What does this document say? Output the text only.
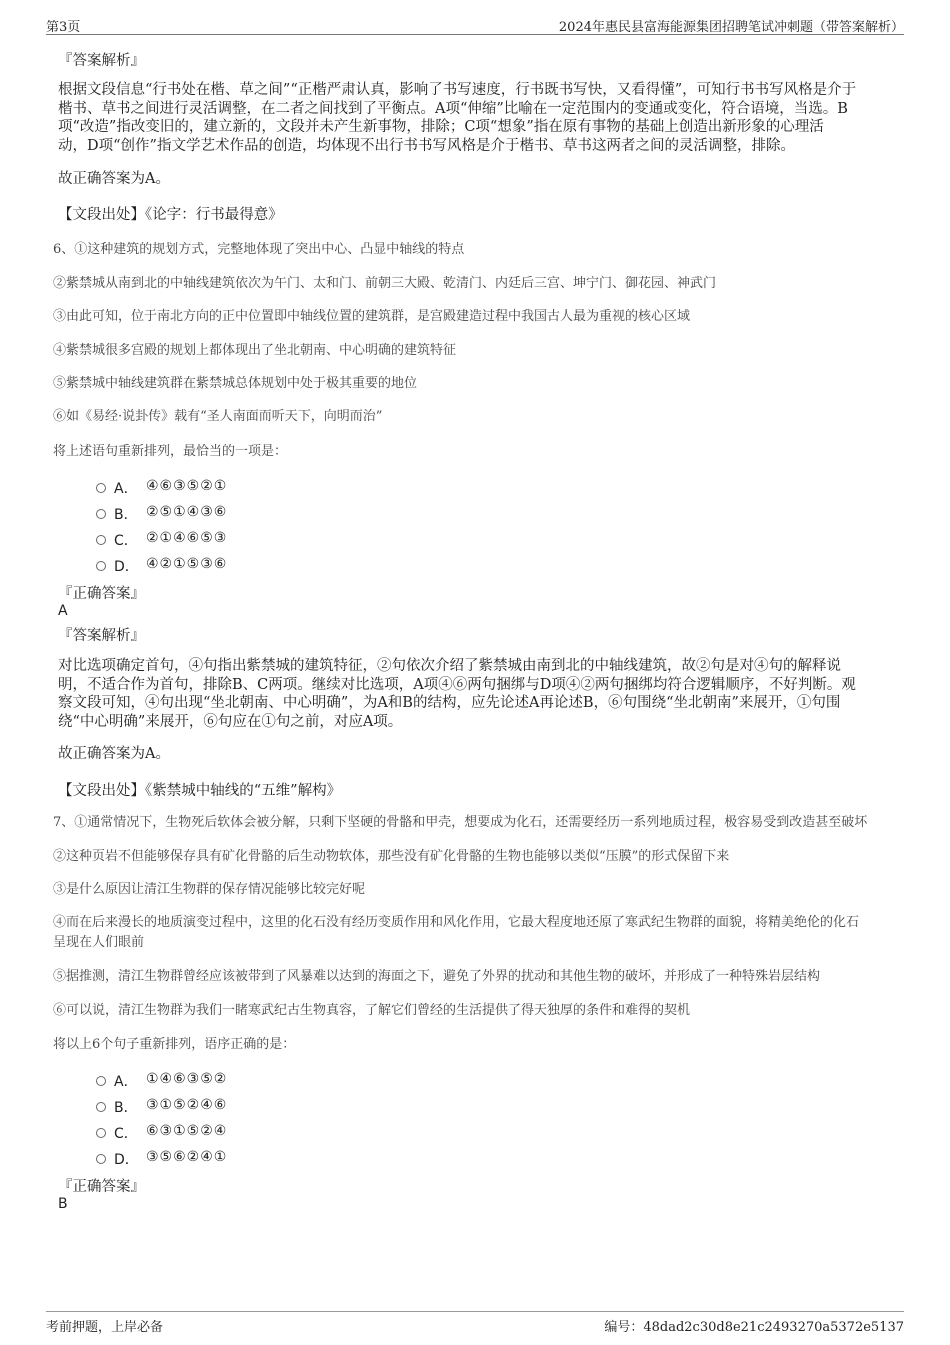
第3页	2024年惠民县富海能源集团招聘笔试冲刺题（带答案解析）
『答案解析』
根据文段信息“行书处在楷、草之间”“正楷严肃认真，影响了书写速度，行书既书写快，又看得懂”，可知行书书写风格是介于
楷书、草书之间进行灵活调整，在二者之间找到了平衡点。A项“伸缩”比喻在一定范围内的变通或变化，符合语境，当选。B
项“改造”指改变旧的，建立新的，文段并未产生新事物，排除；C项“想象”指在原有事物的基础上创造出新形象的心理活
动，D项“创作”指文学艺术作品的创造，均体现不出行书书写风格是介于楷书、草书这两者之间的灵活调整，排除。
故正确答案为A。
【文段出处】《论字：行书最得意》
6、①这种建筑的规划方式，完整地体现了突出中心、凸显中轴线的特点
②紫禁城从南到北的中轴线建筑依次为午门、太和门、前朝三大殿、乾清门、内廷后三宫、坤宁门、御花园、神武门
③由此可知，位于南北方向的正中位置即中轴线位置的建筑群，是宫殿建造过程中我国古人最为重视的核心区域
④紫禁城很多宫殿的规划上都体现出了坐北朝南、中心明确的建筑特征
⑤紫禁城中轴线建筑群在紫禁城总体规划中处于极其重要的地位
⑥如《易经·说卦传》载有“圣人南面而听天下，向明而治”
将上述语句重新排列，最恰当的一项是：
A． ④⑥③⑤②①
B． ②⑤①④③⑥
C． ②①④⑥⑤③
D． ④②①⑤③⑥
『正确答案』
A
『答案解析』
对比选项确定首句，④句指出紫禁城的建筑特征，②句依次介绍了紫禁城由南到北的中轴线建筑，故②句是对④句的解释说
明，不适合作为首句，排除B、C两项。继续对比选项，A项④⑥两句捆绑与D项④②两句捆绑均符合逻辑顺序，不好判断。观
察文段可知，④句出现“坐北朝南、中心明确”，为A和B的结构，应先论述A再论述B，⑥句围绕“坐北朝南”来展开，①句围
绕“中心明确”来展开，⑥句应在①句之前，对应A项。
故正确答案为A。
【文段出处】《紫禁城中轴线的“五维”解构》
7、①通常情况下，生物死后软体会被分解，只剩下坚硬的骨骼和甲壳，想要成为化石，还需要经历一系列地质过程，极容易受到改造甚至破坏
②这种页岩不但能够保存具有矿化骨骼的后生动物软体，那些没有矿化骨骼的生物也能够以类似“压膜”的形式保留下来
③是什么原因让清江生物群的保存情况能够比较完好呢
④而在后来漫长的地质演变过程中，这里的化石没有经历变质作用和风化作用，它最大程度地还原了寒武纪生物群的面貌，将精美绝伦的化石
呈现在人们眼前
⑤据推测，清江生物群曾经应该被带到了风暴难以达到的海面之下，避免了外界的扰动和其他生物的破坏，并形成了一种特殊岩层结构
⑥可以说，清江生物群为我们一睹寒武纪古生物真容，了解它们曾经的生活提供了得天独厚的条件和难得的契机
将以上6个句子重新排列，语序正确的是：
A． ①④⑥③⑤②
B． ③①⑤②④⑥
C． ⑥③①⑤②④
D． ③⑤⑥②④①
『正确答案』
B
考前押题，上岸必备	编号：48dad2c30d8e21c2493270a5372e5137
